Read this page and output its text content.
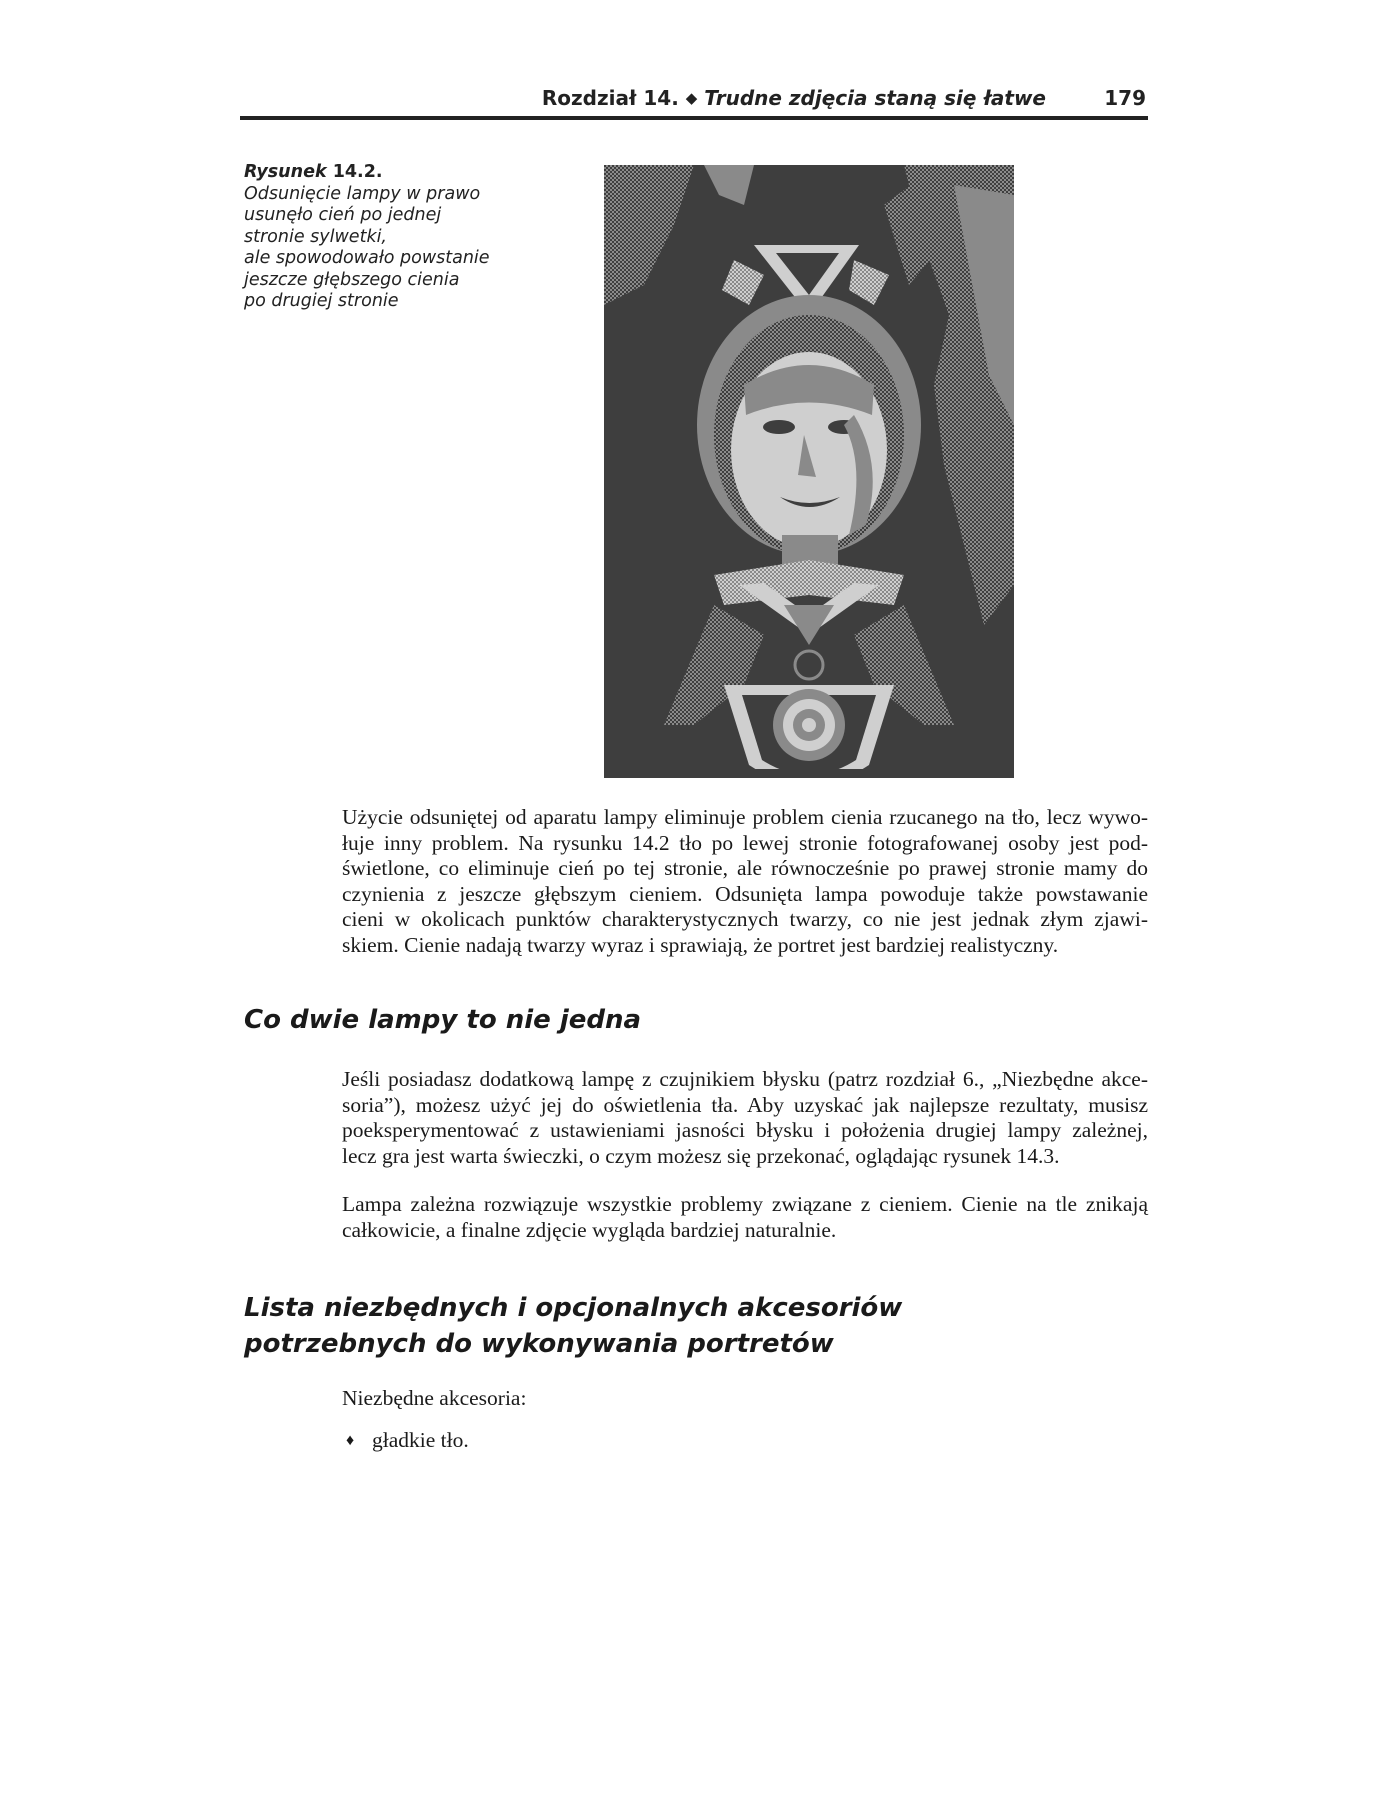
Rozdział 14. ◆ Trudne zdjęcia staną się łatwe	179
Rysunek 14.2.
Odsunięcie lampy w prawo
usunęło cień po jednej
stronie sylwetki,
ale spowodowało powstanie
jeszcze głębszego cienia
po drugiej stronie
Użycie odsuniętej od aparatu lampy eliminuje problem cienia rzucanego na tło, lecz wywo-
łuje inny problem. Na rysunku 14.2 tło po lewej stronie fotografowanej osoby jest pod-
świetlone, co eliminuje cień po tej stronie, ale równocześnie po prawej stronie mamy do
czynienia z jeszcze głębszym cieniem. Odsunięta lampa powoduje także powstawanie
cieni w okolicach punktów charakterystycznych twarzy, co nie jest jednak złym zjawi-
skiem. Cienie nadają twarzy wyraz i sprawiają, że portret jest bardziej realistyczny.
Co dwie lampy to nie jedna
Jeśli posiadasz dodatkową lampę z czujnikiem błysku (patrz rozdział 6., „Niezbędne akce-
soria”), możesz użyć jej do oświetlenia tła. Aby uzyskać jak najlepsze rezultaty, musisz
poeksperymentować z ustawieniami jasności błysku i położenia drugiej lampy zależnej,
lecz gra jest warta świeczki, o czym możesz się przekonać, oglądając rysunek 14.3.
Lampa zależna rozwiązuje wszystkie problemy związane z cieniem. Cienie na tle znikają
całkowicie, a finalne zdjęcie wygląda bardziej naturalnie.
Lista niezbędnych i opcjonalnych akcesoriów
potrzebnych do wykonywania portretów
Niezbędne akcesoria:
♦ gładkie tło.
